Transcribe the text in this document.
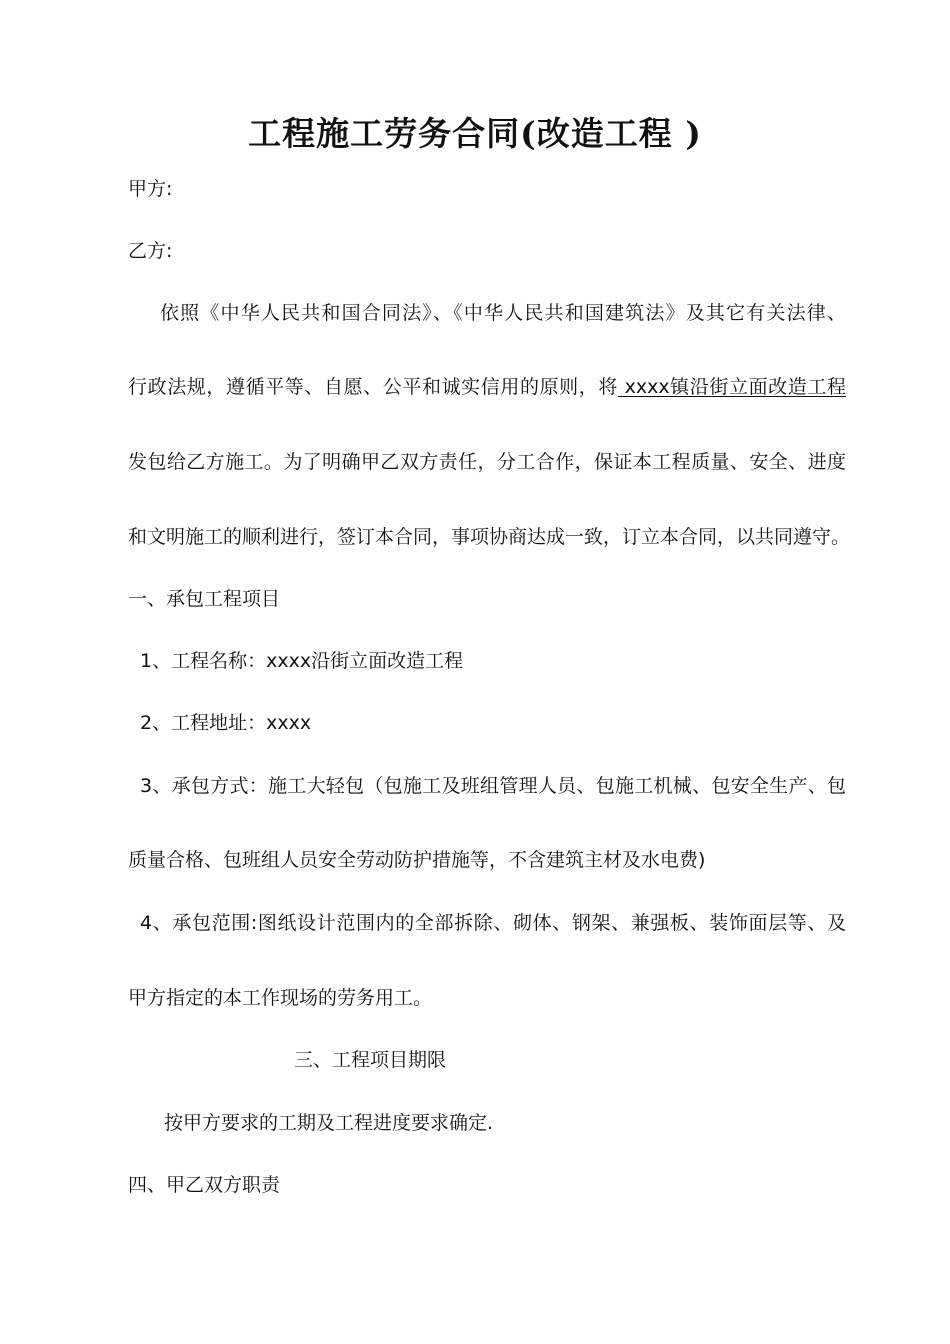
工程施工劳务合同(改造工程 )
甲方:
乙方:
依照《中华人民共和国合同法》、《中华人民共和国建筑法》及其它有关法律、
行政法规，遵循平等、自愿、公平和诚实信用的原则，将 xxxx镇沿街立面改造工程
发包给乙方施工。为了明确甲乙双方责任，分工合作，保证本工程质量、安全、进度
和文明施工的顺利进行，签订本合同，事项协商达成一致，订立本合同，以共同遵守。
一、承包工程项目
1、工程名称：xxxx沿街立面改造工程
2、工程地址：xxxx
3、承包方式：施工大轻包（包施工及班组管理人员、包施工机械、包安全生产、包
质量合格、包班组人员安全劳动防护措施等，不含建筑主材及水电费)
4、承包范围:图纸设计范围内的全部拆除、砌体、钢架、兼强板、装饰面层等、及
甲方指定的本工作现场的劳务用工。
三、工程项目期限
按甲方要求的工期及工程进度要求确定.
四、甲乙双方职责
